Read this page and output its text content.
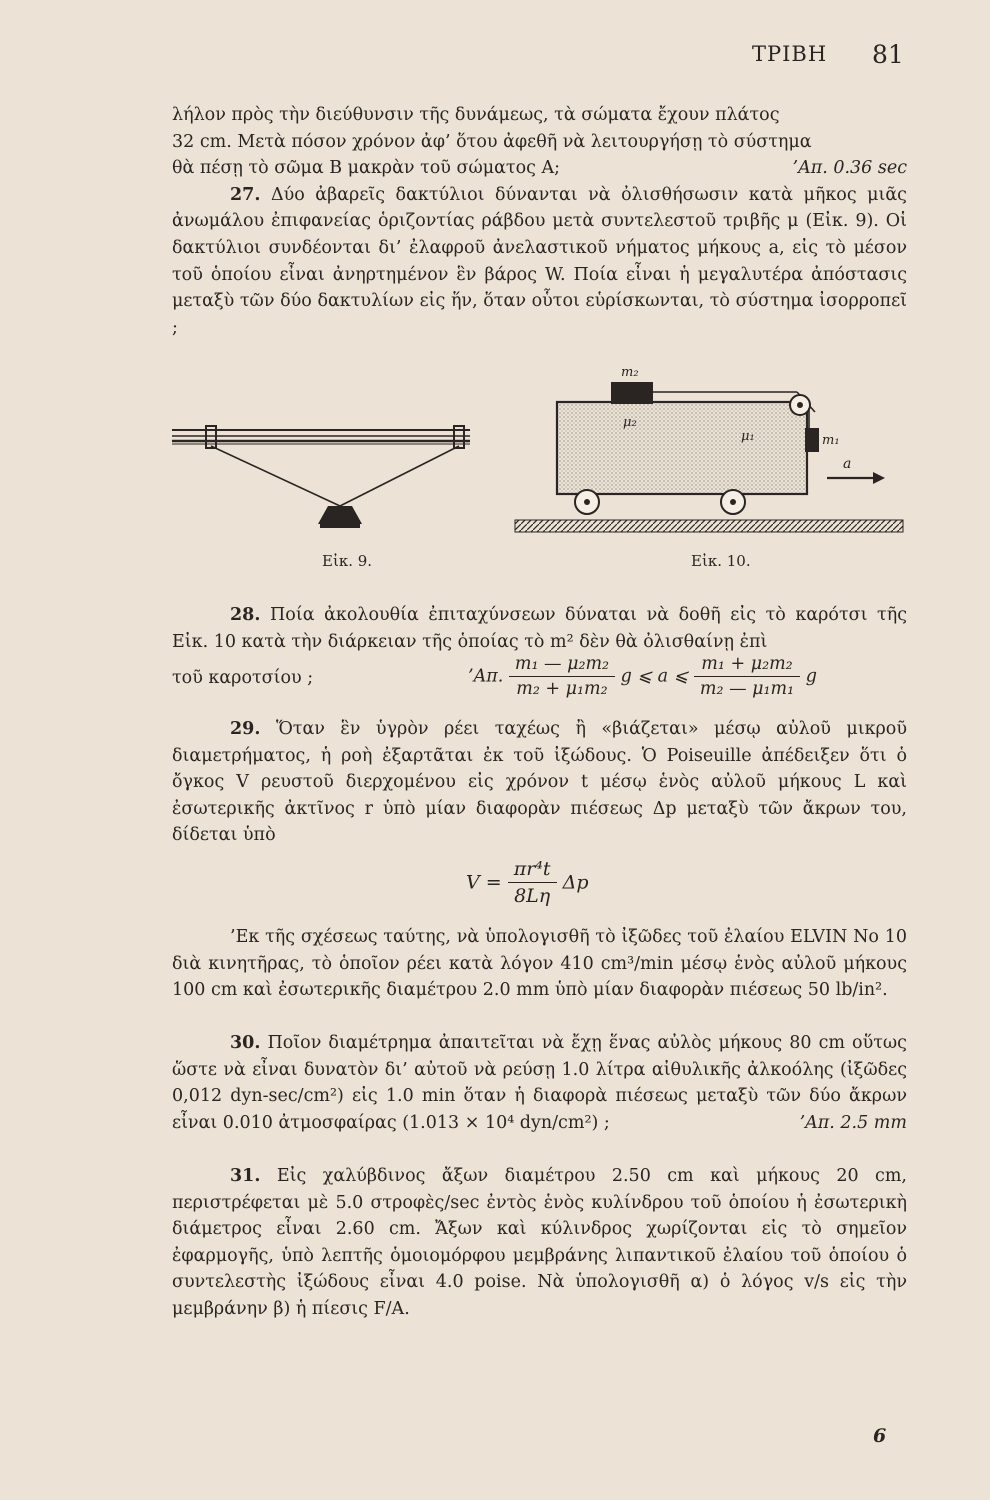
ΤΡΙΒΗ 81

λήλον πρὸς τὴν διεύθυνσιν τῆς δυνάμεως, τὰ σώματα ἔχουν πλάτος

32 cm. Μετὰ πόσον χρόνον ἀφ’ ὅτου ἀφεθῆ νὰ λειτουργήσῃ τὸ σύστημα

’Απ. 0.36 sec
θὰ πέσῃ τὸ σῶμα B μακρὰν τοῦ σώματος A;

27. Δύο ἀβαρεῖς δακτύλιοι δύνανται νὰ ὀλισθήσωσιν κατὰ μῆκος μιᾶς ἀνωμάλου ἐπιφανείας ὁριζοντίας ράβδου μετὰ συντελεστοῦ τριβῆς μ (Εἰκ. 9). Οἱ δακτύλιοι συνδέονται δι’ ἐλαφροῦ ἀνελαστικοῦ νήματος μήκους a, εἰς τὸ μέσον τοῦ ὁποίου εἶναι ἀνηρτημένον ἓν βάρος W. Ποία εἶναι ἡ μεγαλυτέρα ἀπόστασις μεταξὺ τῶν δύο δακτυλίων εἰς ἥν, ὅταν οὗτοι εὑρίσκωνται, τὸ σύστημα ἰσορροπεῖ ;

m₂
μ₂
μ₁	m₁
a
Εἰκ. 9.	Εἰκ. 10.

28. Ποία ἀκολουθία ἐπιταχύνσεων δύναται νὰ δοθῆ εἰς τὸ καρότσι τῆς Εἰκ. 10 κατὰ τὴν διάρκειαν τῆς ὁποίας τὸ m² δὲν θὰ ὀλισθαίνῃ ἐπὶ

τοῦ καροτσίου ;	’Απ. $\frac{\text{m₁ — μ₂m₂}}{\text{m₂ + μ₁m₂}}$ g ⩽ a ⩽ $\frac{\text{m₁ + μ₂m₂}}{\text{m₂ — μ₁m₁}}$ g

29. Ὅταν ἓν ὑγρὸν ρέει ταχέως ἢ «βιάζεται» μέσῳ αὐλοῦ μικροῦ διαμετρήματος, ἡ ροὴ ἐξαρτᾶται ἐκ τοῦ ἰξώδους. Ὁ Poiseuille ἀπέδειξεν ὅτι ὁ ὄγκος V ρευστοῦ διερχομένου εἰς χρόνον t μέσῳ ἑνὸς αὐλοῦ μήκους L καὶ ἐσωτερικῆς ἀκτῖνος r ὑπὸ μίαν διαφορὰν πιέσεως Δp μεταξὺ τῶν ἄκρων του, δίδεται ὑπὸ

$V = \frac{\text{πr⁴t}}{8L\eta}$ Δp

’Εκ τῆς σχέσεως ταύτης, νὰ ὑπολογισθῆ τὸ ἰξῶδες τοῦ ἐλαίου ELVIN No 10 διὰ κινητῆρας, τὸ ὁποῖον ρέει κατὰ λόγον 410 cm³/min μέσῳ ἑνὸς αὐλοῦ μήκους 100 cm καὶ ἐσωτερικῆς διαμέτρου 2.0 mm ὑπὸ μίαν διαφορὰν πιέσεως 50 lb/in².

30. Ποῖον διαμέτρημα ἀπαιτεῖται νὰ ἔχῃ ἕνας αὐλὸς μήκους 80 cm οὕτως ὥστε νὰ εἶναι δυνατὸν δι’ αὐτοῦ νὰ ρεύσῃ 1.0 λίτρα αἰθυλικῆς ἀλκοόλης (ἰξῶδες 0,012 dyn-sec/cm²) εἰς 1.0 min ὅταν ἡ διαφορὰ πιέσεως μεταξὺ τῶν δύο ἄκρων εἶναι 0.010 ἀτμοσφαίρας (1.013 × 10⁴ dyn/cm²) ;	’Απ. 2.5 mm

31. Εἰς χαλύβδινος ἄξων διαμέτρου 2.50 cm καὶ μήκους 20 cm, περιστρέφεται μὲ 5.0 στροφὲς/sec ἐντὸς ἑνὸς κυλίνδρου τοῦ ὁποίου ἡ ἐσωτερικὴ διάμετρος εἶναι 2.60 cm. Ἄξων καὶ κύλινδρος χωρίζονται εἰς τὸ σημεῖον ἐφαρμογῆς, ὑπὸ λεπτῆς ὁμοιομόρφου μεμβράνης λιπαντικοῦ ἐλαίου τοῦ ὁποίου ὁ συντελεστὴς ἰξώδους εἶναι 4.0 poise. Νὰ ὑπολογισθῆ α) ὁ λόγος v/s εἰς τὴν μεμβράνην β) ἡ πίεσις F/A.

6
